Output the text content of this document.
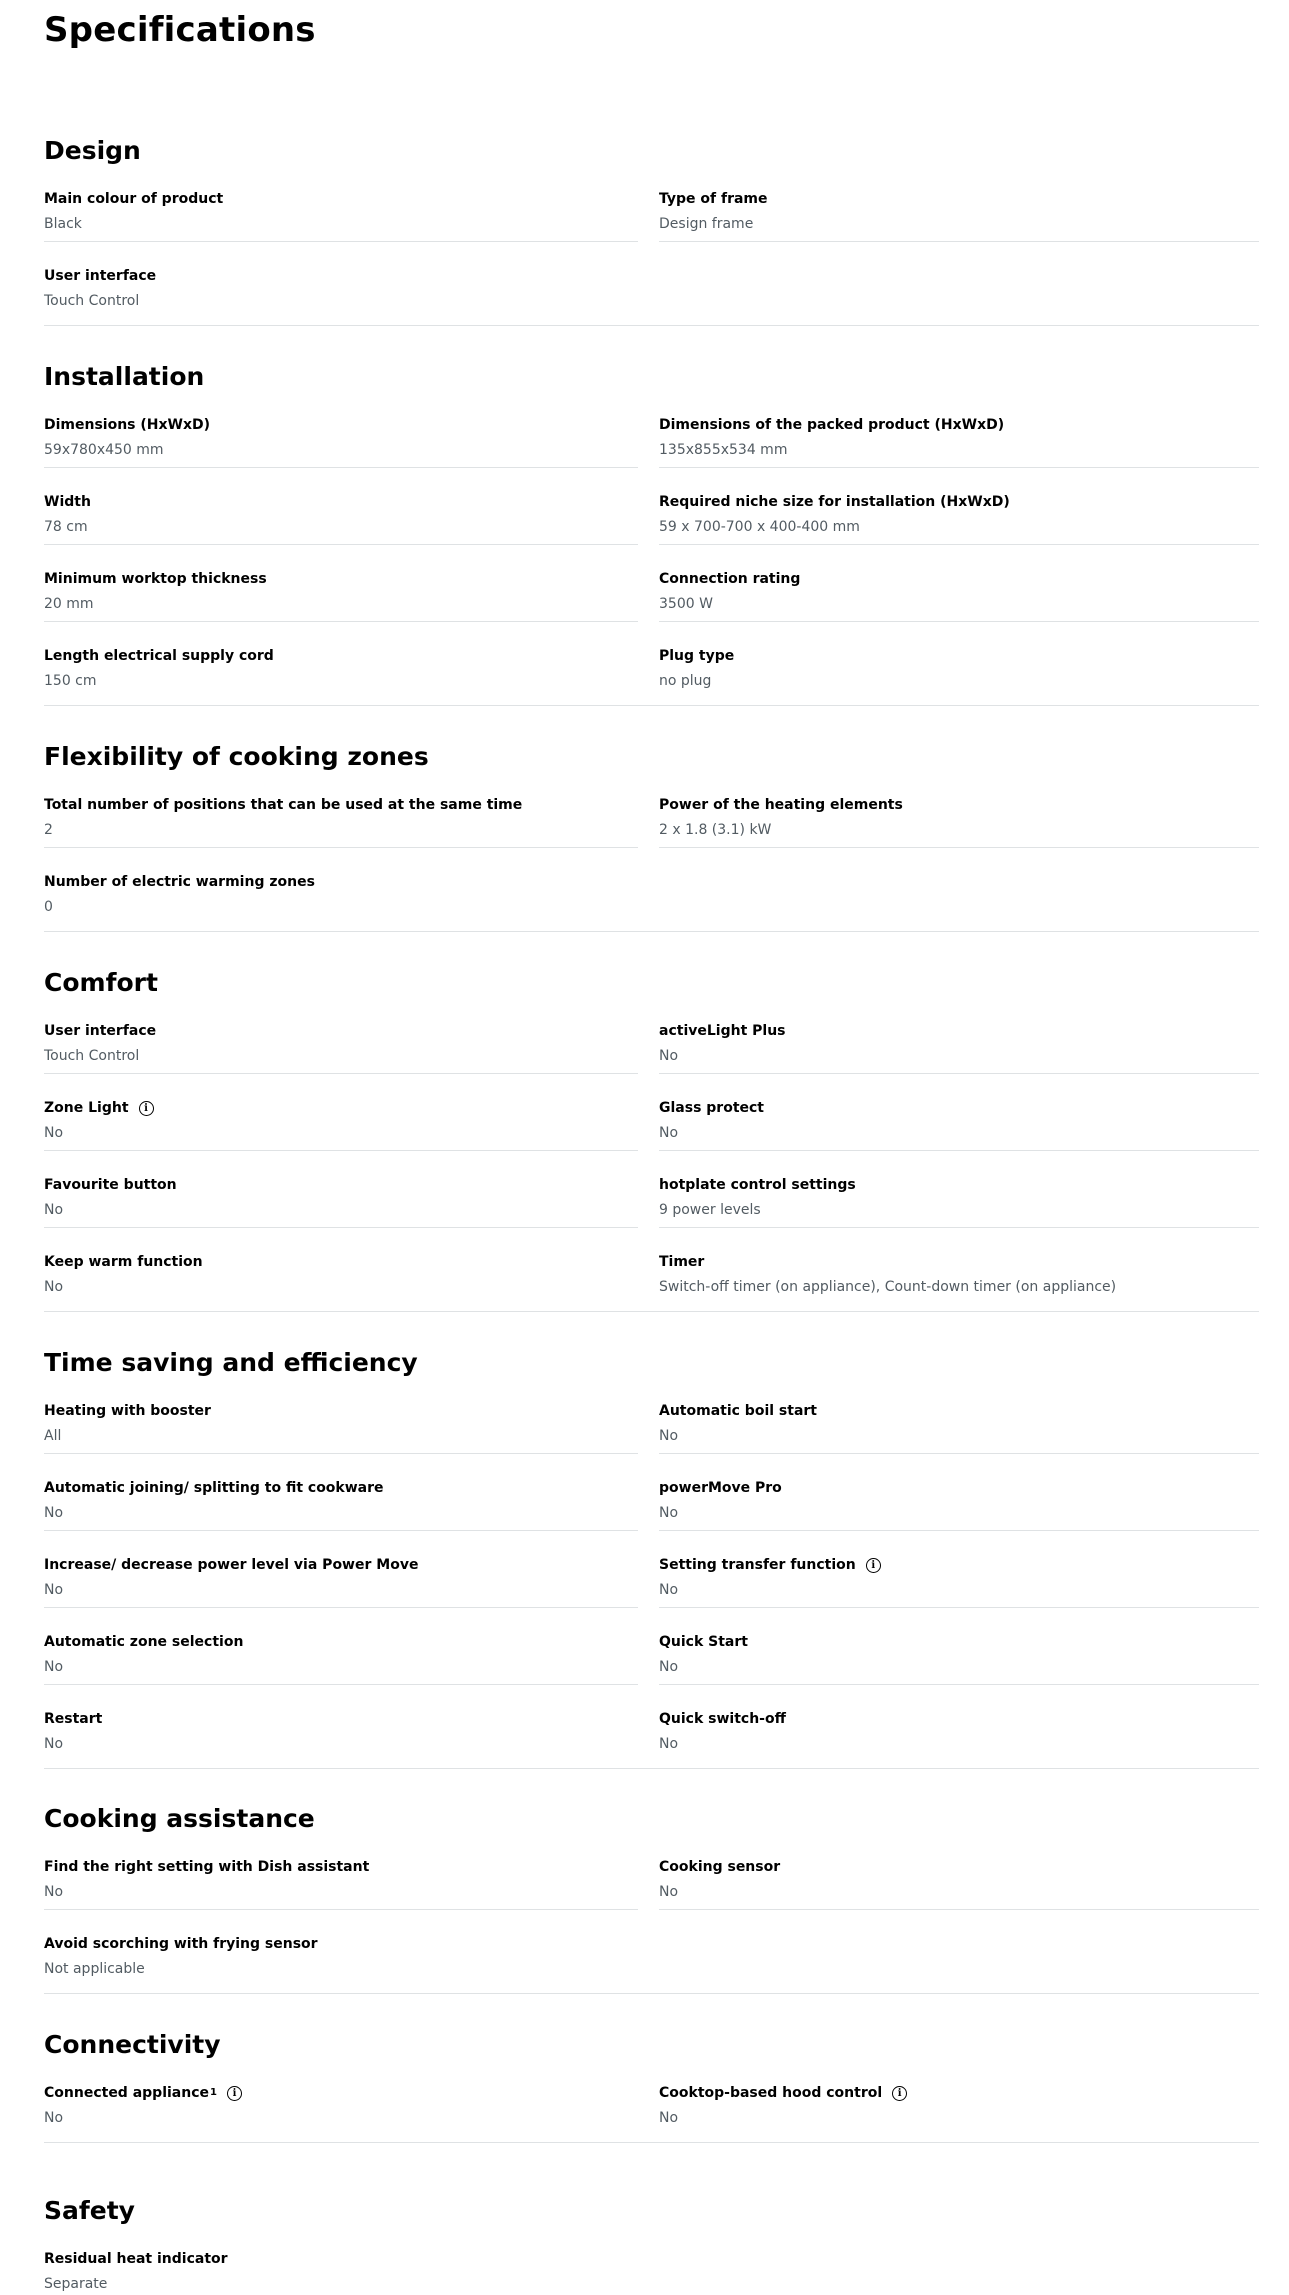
Specifications
Design
Main colour of product
Black
Type of frame
Design frame
User interface
Touch Control
Installation
Dimensions (HxWxD)
59x780x450 mm
Dimensions of the packed product (HxWxD)
135x855x534 mm
Width
78 cm
Required niche size for installation (HxWxD)
59 x 700-700 x 400-400 mm
Minimum worktop thickness
20 mm
Connection rating
3500 W
Length electrical supply cord
150 cm
Plug type
no plug
Flexibility of cooking zones
Total number of positions that can be used at the same time
2
Power of the heating elements
2 x 1.8 (3.1) kW
Number of electric warming zones
0
Comfort
User interface
Touch Control
activeLight Plus
No
Zone Light	i
No
Glass protect
No
Favourite button
No
hotplate control settings
9 power levels
Keep warm function
No
Timer
Switch-off timer (on appliance), Count-down timer (on appliance)
Time saving and efficiency
Heating with booster
All
Automatic boil start
No
Automatic joining/ splitting to fit cookware
No
powerMove Pro
No
Increase/ decrease power level via Power Move
No
Setting transfer function	i
No
Automatic zone selection
No
Quick Start
No
Restart
No
Quick switch-off
No
Cooking assistance
Find the right setting with Dish assistant
No
Cooking sensor
No
Avoid scorching with frying sensor
Not applicable
Connectivity
Connected appliance 1	i
No
Cooktop-based hood control	i
No
Safety
Residual heat indicator
Separate
